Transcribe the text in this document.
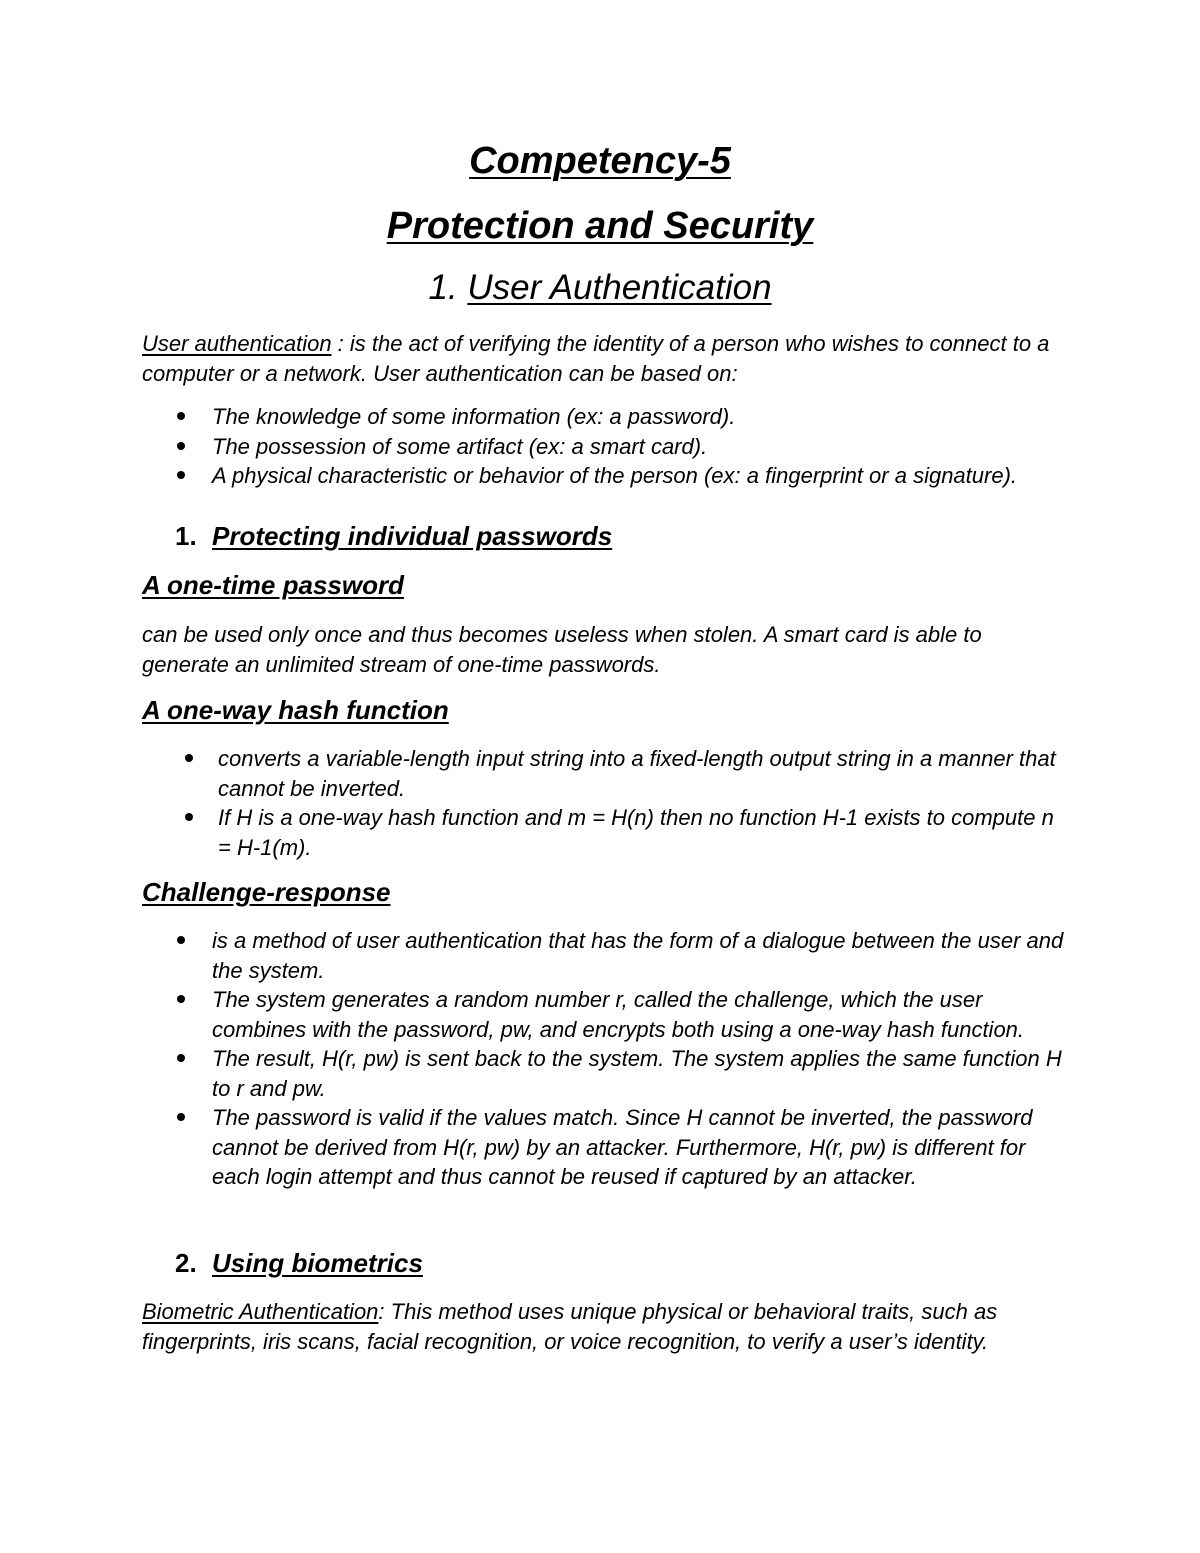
Competency-5
Protection and Security
1. User Authentication

User authentication : is the act of verifying the identity of a person who wishes to connect to a computer or a network. User authentication can be based on:

The knowledge of some information (ex: a password).
The possession of some artifact (ex: a smart card).
A physical characteristic or behavior of the person (ex: a fingerprint or a signature).
1. Protecting individual passwords
A one-time password

can be used only once and thus becomes useless when stolen. A smart card is able to generate an unlimited stream of one-time passwords.

A one-way hash function
converts a variable-length input string into a fixed-length output string in a manner that cannot be inverted.
If H is a one-way hash function and m = H(n) then no function H-1 exists to compute n = H-1(m).
Challenge-response
is a method of user authentication that has the form of a dialogue between the user and the system.
The system generates a random number r, called the challenge, which the user combines with the password, pw, and encrypts both using a one-way hash function.
The result, H(r, pw) is sent back to the system. The system applies the same function H to r and pw.
The password is valid if the values match. Since H cannot be inverted, the password cannot be derived from H(r, pw) by an attacker. Furthermore, H(r, pw) is different for each login attempt and thus cannot be reused if captured by an attacker.
2. Using biometrics

Biometric Authentication: This method uses unique physical or behavioral traits, such as fingerprints, iris scans, facial recognition, or voice recognition, to verify a user’s identity.
